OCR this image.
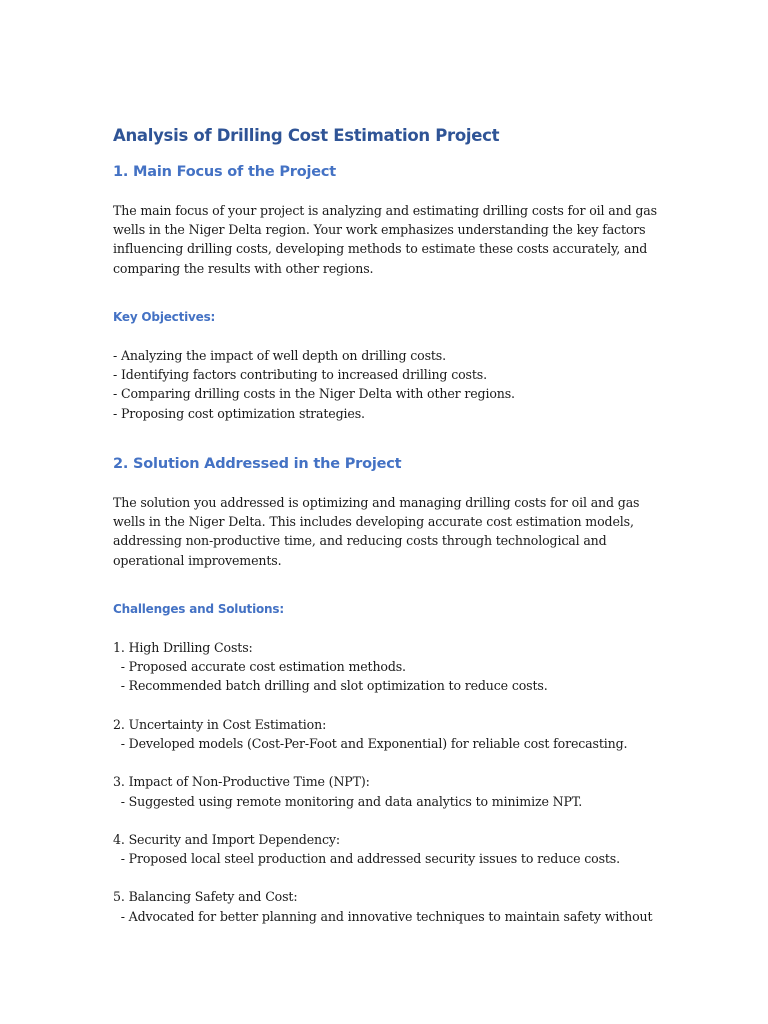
Analysis of Drilling Cost Estimation Project
1. Main Focus of the Project

The main focus of your project is analyzing and estimating drilling costs for oil and gas wells in the Niger Delta region. Your work emphasizes understanding the key factors influencing drilling costs, developing methods to estimate these costs accurately, and comparing the results with other regions.

Key Objectives:
- Analyzing the impact of well depth on drilling costs.
- Identifying factors contributing to increased drilling costs.
- Comparing drilling costs in the Niger Delta with other regions.
- Proposing cost optimization strategies.
2. Solution Addressed in the Project

The solution you addressed is optimizing and managing drilling costs for oil and gas wells in the Niger Delta. This includes developing accurate cost estimation models, addressing non-productive time, and reducing costs through technological and operational improvements.

Challenges and Solutions:
1. High Drilling Costs:
- Proposed accurate cost estimation methods.
- Recommended batch drilling and slot optimization to reduce costs.
2. Uncertainty in Cost Estimation:
- Developed models (Cost-Per-Foot and Exponential) for reliable cost forecasting.
3. Impact of Non-Productive Time (NPT):
- Suggested using remote monitoring and data analytics to minimize NPT.
4. Security and Import Dependency:
- Proposed local steel production and addressed security issues to reduce costs.
5. Balancing Safety and Cost:
- Advocated for better planning and innovative techniques to maintain safety without
